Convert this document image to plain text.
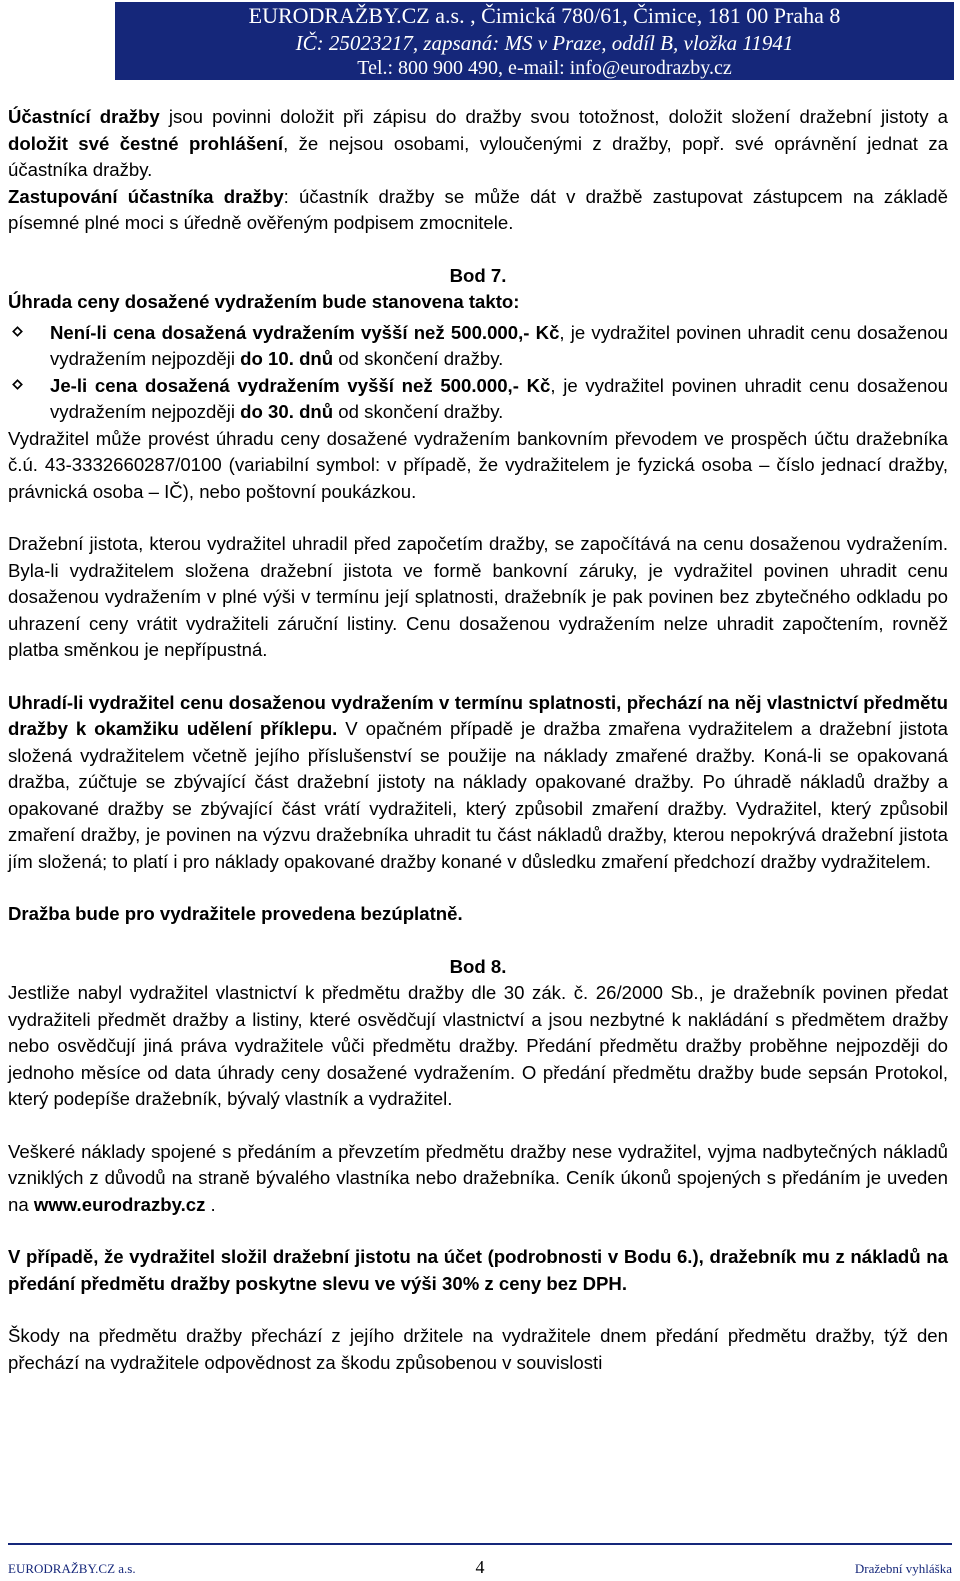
EURODRAŽBY.CZ a.s. , Čimická 780/61, Čimice, 181 00 Praha 8
IČ: 25023217, zapsaná: MS v Praze, oddíl B, vložka 11941
Tel.: 800 900 490, e-mail: info@eurodrazby.cz

Účastnící dražby jsou povinni doložit při zápisu do dražby svou totožnost, doložit složení dražební jistoty a doložit své čestné prohlášení, že nejsou osobami, vyloučenými z dražby, popř. své oprávnění jednat za účastníka dražby.

Zastupování účastníka dražby: účastník dražby se může dát v dražbě zastupovat zástupcem na základě písemné plné moci s úředně ověřeným podpisem zmocnitele.

Bod 7.

Úhrada ceny dosažené vydražením bude stanovena takto:

Není-li cena dosažená vydražením vyšší než 500.000,- Kč, je vydražitel povinen uhradit cenu dosaženou vydražením nejpozději do 10. dnů od skončení dražby.
Je-li cena dosažená vydražením vyšší než 500.000,- Kč, je vydražitel povinen uhradit cenu dosaženou vydražením nejpozději do 30. dnů od skončení dražby.

Vydražitel může provést úhradu ceny dosažené vydražením bankovním převodem ve prospěch účtu dražebníka č.ú. 43-3332660287/0100 (variabilní symbol: v případě, že vydražitelem je fyzická osoba – číslo jednací dražby, právnická osoba – IČ), nebo poštovní poukázkou.

Dražební jistota, kterou vydražitel uhradil před započetím dražby, se započítává na cenu dosaženou vydražením. Byla-li vydražitelem složena dražební jistota ve formě bankovní záruky, je vydražitel povinen uhradit cenu dosaženou vydražením v plné výši v termínu její splatnosti, dražebník je pak povinen bez zbytečného odkladu po uhrazení ceny vrátit vydražiteli záruční listiny. Cenu dosaženou vydražením nelze uhradit započtením, rovněž platba směnkou je nepřípustná.

Uhradí-li vydražitel cenu dosaženou vydražením v termínu splatnosti, přechází na něj vlastnictví předmětu dražby k okamžiku udělení příklepu. V opačném případě je dražba zmařena vydražitelem a dražební jistota složená vydražitelem včetně jejího příslušenství se použije na náklady zmařené dražby. Koná-li se opakovaná dražba, zúčtuje se zbývající část dražební jistoty na náklady opakované dražby. Po úhradě nákladů dražby a opakované dražby se zbývající část vrátí vydražiteli, který způsobil zmaření dražby. Vydražitel, který způsobil zmaření dražby, je povinen na výzvu dražebníka uhradit tu část nákladů dražby, kterou nepokrývá dražební jistota jím složená; to platí i pro náklady opakované dražby konané v důsledku zmaření předchozí dražby vydražitelem.

Dražba bude pro vydražitele provedena bezúplatně.

Bod 8.

Jestliže nabyl vydražitel vlastnictví k předmětu dražby dle 30 zák. č. 26/2000 Sb., je dražebník povinen předat vydražiteli předmět dražby a listiny, které osvědčují vlastnictví a jsou nezbytné k nakládání s předmětem dražby nebo osvědčují jiná práva vydražitele vůči předmětu dražby. Předání předmětu dražby proběhne nejpozději do jednoho měsíce od data úhrady ceny dosažené vydražením. O předání předmětu dražby bude sepsán Protokol, který podepíše dražebník, bývalý vlastník a vydražitel.

Veškeré náklady spojené s předáním a převzetím předmětu dražby nese vydražitel, vyjma nadbytečných nákladů vzniklých z důvodů na straně bývalého vlastníka nebo dražebníka. Ceník úkonů spojených s předáním je uveden na www.eurodrazby.cz .

V případě, že vydražitel složil dražební jistotu na účet (podrobnosti v Bodu 6.), dražebník mu z nákladů na předání předmětu dražby poskytne slevu ve výši 30% z ceny bez DPH.

Škody na předmětu dražby přechází z jejího držitele na vydražitele dnem předání předmětu dražby, týž den přechází na vydražitele odpovědnost za škodu způsobenou v souvislosti

EURODRAŽBY.CZ a.s.	4	Dražební vyhláška
